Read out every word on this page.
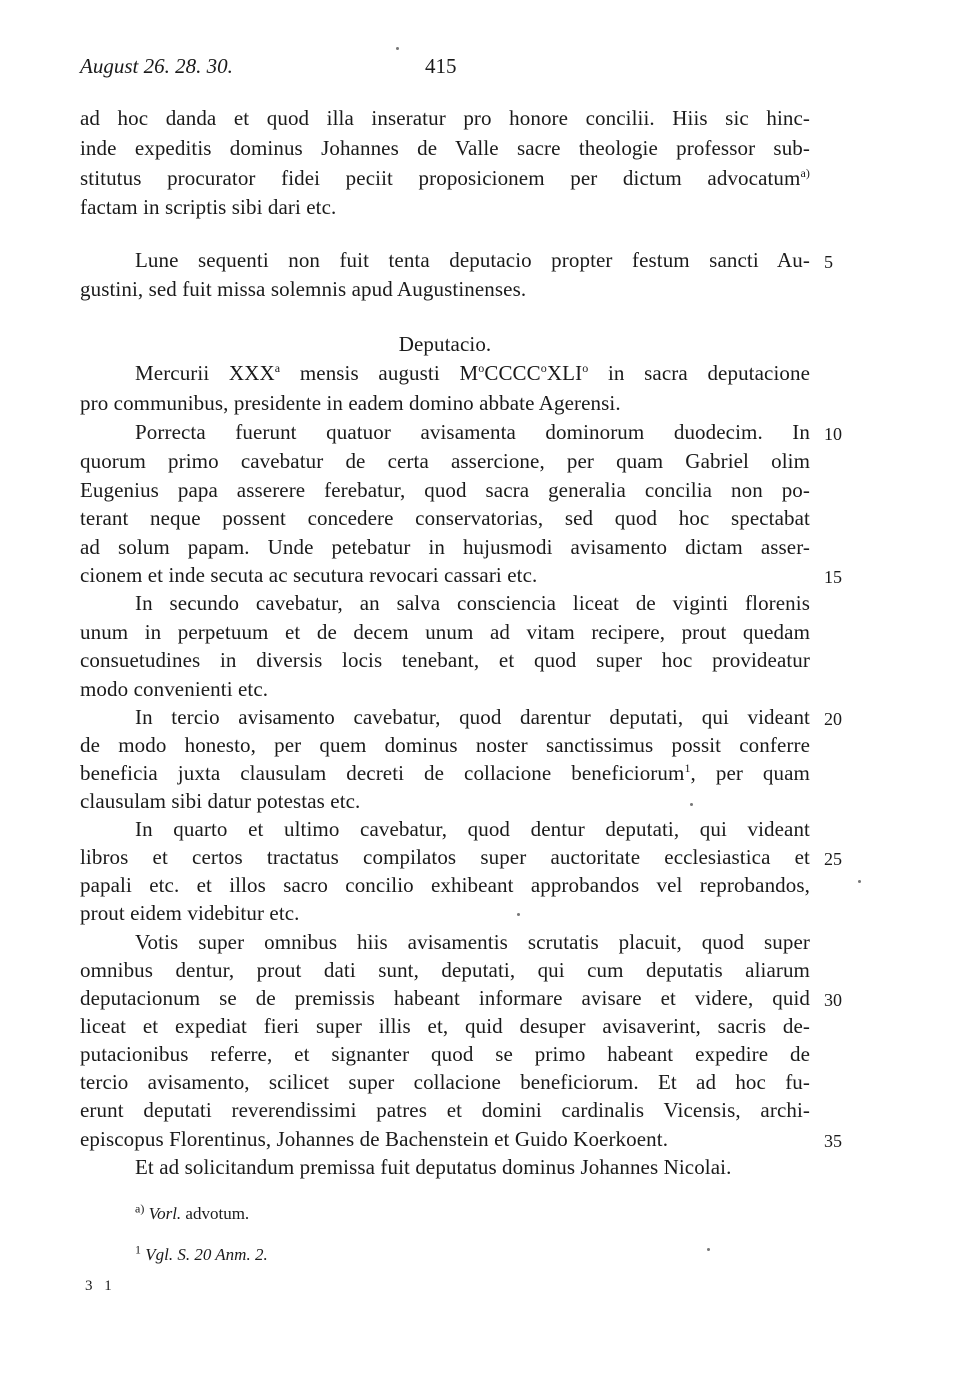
August 26. 28. 30.	415
ad hoc danda et quod illa inseratur pro honore concilii. Hiis sic hinc-
inde expeditis dominus Johannes de Valle sacre theologie professor sub-
stitutus procurator fidei peciit proposicionem per dictum advocatum$^{a)}$
factam in scriptis sibi dari etc.
Lune sequenti non fuit tenta deputacio propter festum sancti Au-
gustini, sed fuit missa solemnis apud Augustinenses.
Deputacio.
Mercurii XXX$^a$ mensis augusti $M^oCCCC^oXLI^o$ in sacra deputacione
pro communibus, presidente in eadem domino abbate Agerensi.
Porrecta fuerunt quatuor avisamenta dominorum duodecim. In
quorum primo cavebatur de certa assercione, per quam Gabriel olim
Eugenius papa asserere ferebatur, quod sacra generalia concilia non po-
terant neque possent concedere conservatorias, sed quod hoc spectabat
ad solum papam. Unde petebatur in hujusmodi avisamento dictam asser-
cionem et inde secuta ac secutura revocari cassari etc.
In secundo cavebatur, an salva consciencia liceat de viginti florenis
unum in perpetuum et de decem unum ad vitam recipere, prout quedam
consuetudines in diversis locis tenebant, et quod super hoc provideatur
modo convenienti etc.
In tercio avisamento cavebatur, quod darentur deputati, qui videant
de modo honesto, per quem dominus noster sanctissimus possit conferre
beneficia juxta clausulam decreti de collacione beneficiorum$^1$, per quam
clausulam sibi datur potestas etc.
In quarto et ultimo cavebatur, quod dentur deputati, qui videant
libros et certos tractatus compilatos super auctoritate ecclesiastica et
papali etc. et illos sacro concilio exhibeant approbandos vel reprobandos,
prout eidem videbitur etc.
Votis super omnibus hiis avisamentis scrutatis placuit, quod super
omnibus dentur, prout dati sunt, deputati, qui cum deputatis aliarum
deputacionum se de premissis habeant informare avisare et videre, quid
liceat et expediat fieri super illis et, quid desuper avisaverint, sacris de-
putacionibus referre, et signanter quod se primo habeant expedire de
tercio avisamento, scilicet super collacione beneficiorum. Et ad hoc fu-
erunt deputati reverendissimi patres et domini cardinalis Vicensis, archi-
episcopus Florentinus, Johannes de Bachenstein et Guido Koerkoent.
Et ad solicitandum premissa fuit deputatus dominus Johannes Nicolai.
5
10
15
20
25
30
35
$^{a)}$ Vorl. advotum.
$^1$ Vgl. S. 20 Anm. 2.
3 1
